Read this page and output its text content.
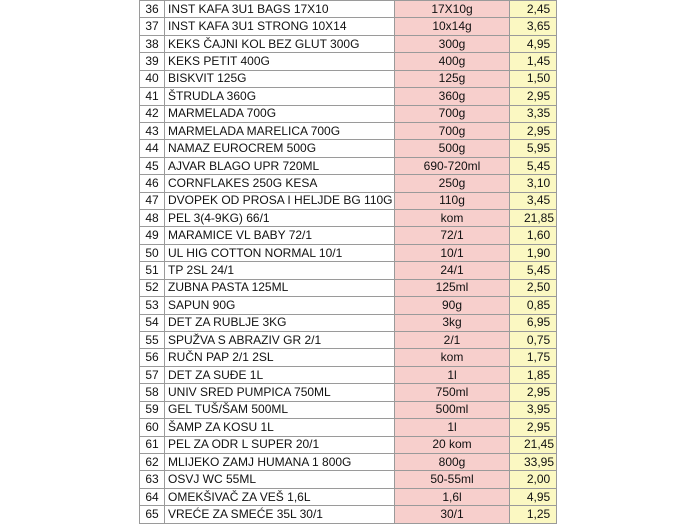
36	INST KAFA 3U1 BAGS 17X10	17X10g	2,45
37	INST KAFA 3U1 STRONG 10X14	10x14g	3,65
38	KEKS ČAJNI KOL BEZ GLUT 300G	300g	4,95
39	KEKS PETIT 400G	400g	1,45
40	BISKVIT 125G	125g	1,50
41	ŠTRUDLA 360G	360g	2,95
42	MARMELADA 700G	700g	3,35
43	MARMELADA MARELICA 700G	700g	2,95
44	NAMAZ EUROCREM 500G	500g	5,95
45	AJVAR BLAGO UPR 720ML	690-720ml	5,45
46	CORNFLAKES 250G KESA	250g	3,10
47	DVOPEK OD PROSA I HELJDE BG 110G	110g	3,45
48	PEL 3(4-9KG) 66/1	kom	21,85
49	MARAMICE VL BABY 72/1	72/1	1,60
50	UL HIG COTTON NORMAL 10/1	10/1	1,90
51	TP 2SL 24/1	24/1	5,45
52	ZUBNA PASTA 125ML	125ml	2,50
53	SAPUN 90G	90g	0,85
54	DET ZA RUBLJE 3KG	3kg	6,95
55	SPUŽVA S ABRAZIV GR 2/1	2/1	0,75
56	RUČN PAP 2/1 2SL	kom	1,75
57	DET ZA SUĐE 1L	1l	1,85
58	UNIV SRED PUMPICA 750ML	750ml	2,95
59	GEL TUŠ/ŠAM 500ML	500ml	3,95
60	ŠAMP ZA KOSU 1L	1l	2,95
61	PEL ZA ODR L SUPER 20/1	20 kom	21,45
62	MLIJEKO ZAMJ HUMANA 1 800G	800g	33,95
63	OSVJ WC 55ML	50-55ml	2,00
64	OMEKŠIVAČ ZA VEŠ 1,6L	1,6l	4,95
65	VREĆE ZA SMEĆE 35L 30/1	30/1	1,25
